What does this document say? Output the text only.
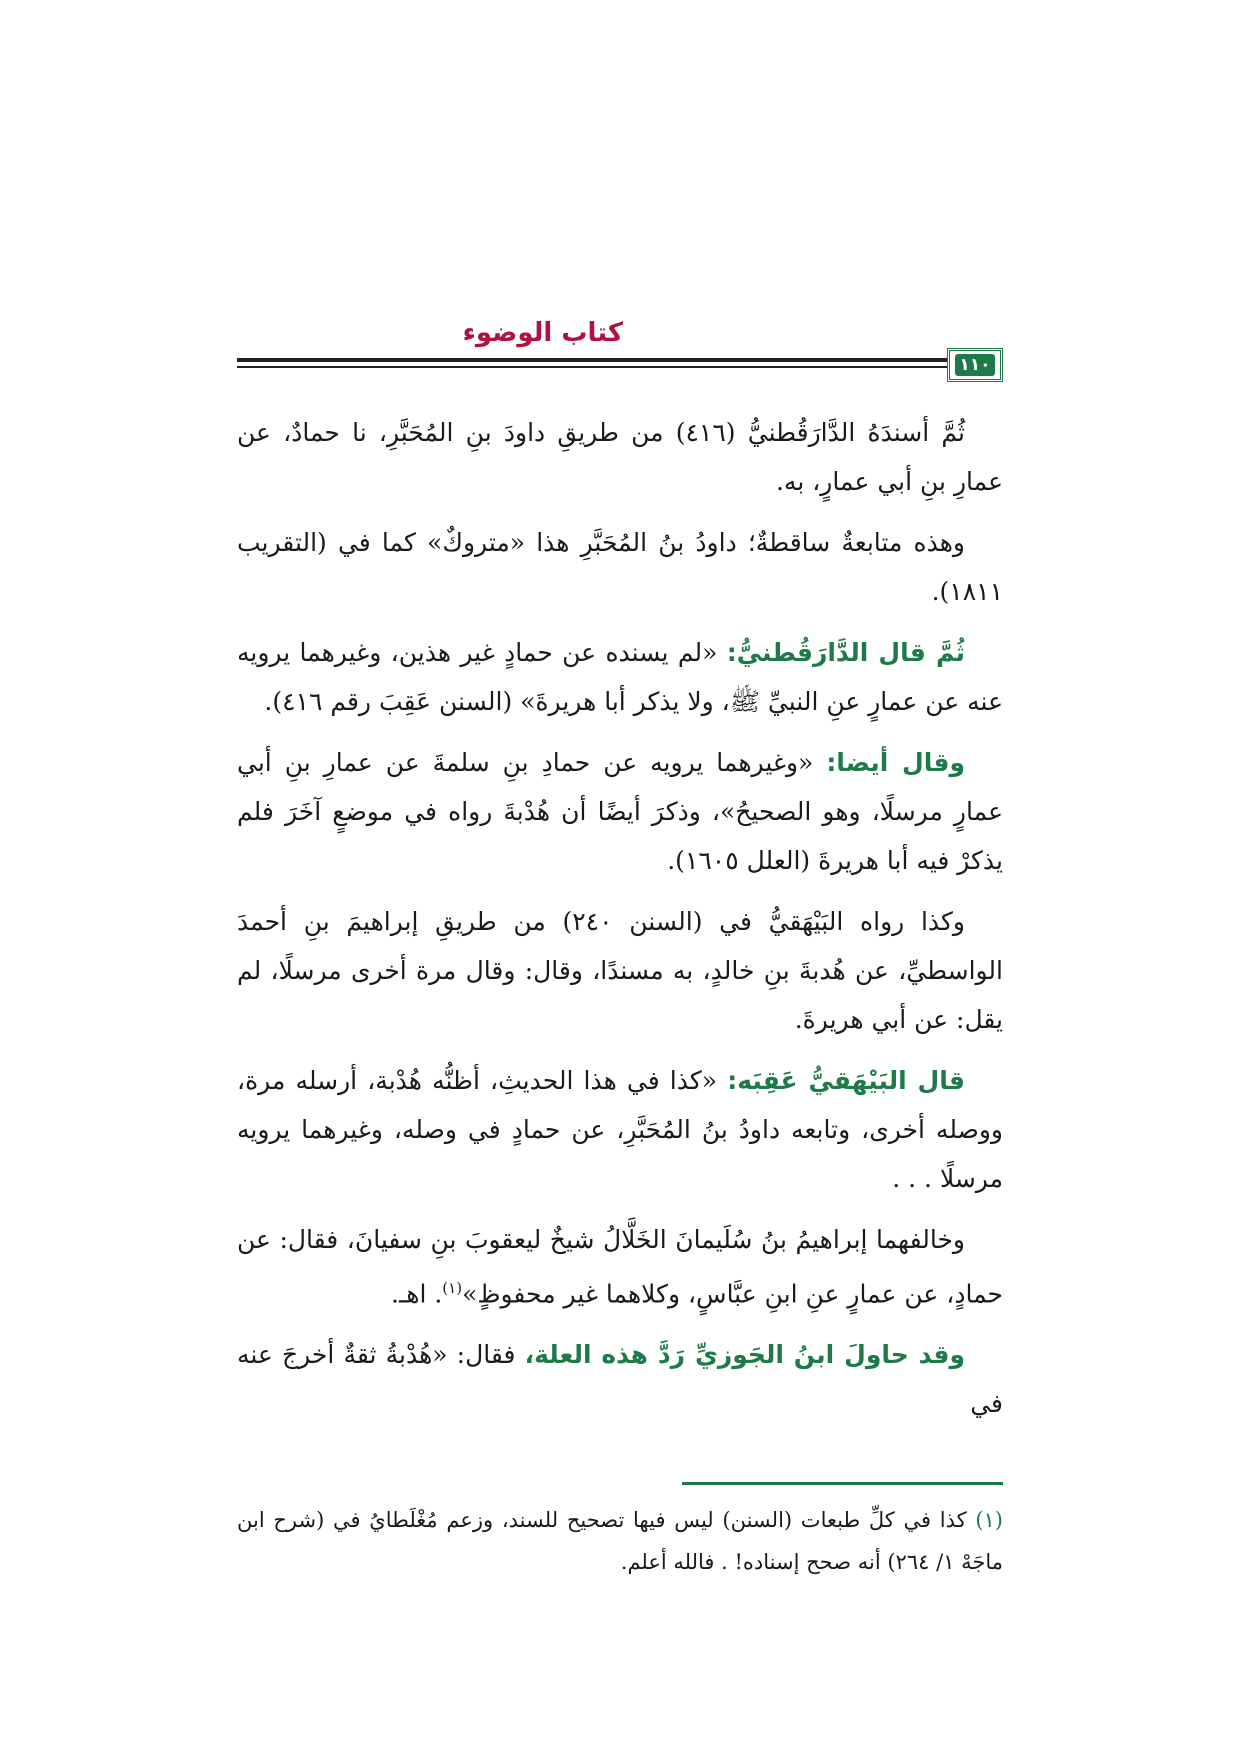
كتاب الوضوء
١١٠

ثُمَّ أسندَهُ الدَّارَقُطنيُّ (٤١٦) من طريقِ داودَ بنِ المُحَبَّرِ، نا حمادٌ، عن عمارِ بنِ أبي عمارٍ، به.

وهذه متابعةٌ ساقطةٌ؛ داودُ بنُ المُحَبَّرِ هذا «متروكٌ» كما في (التقريب ١٨١١).

ثُمَّ قال الدَّارَقُطنيُّ: «لم يسنده عن حمادٍ غير هذين، وغيرهما يرويه عنه عن عمارٍ عنِ النبيِّ ﷺ، ولا يذكر أبا هريرةَ» (السنن عَقِبَ رقم ٤١٦).

وقال أيضا: «وغيرهما يرويه عن حمادِ بنِ سلمةَ عن عمارِ بنِ أبي عمارٍ مرسلًا، وهو الصحيحُ»، وذكرَ أيضًا أن هُدْبةَ رواه في موضعٍ آخَرَ فلم يذكرْ فيه أبا هريرةَ (العلل ١٦٠٥).

وكذا رواه البَيْهَقيُّ في (السنن ٢٤٠) من طريقِ إبراهيمَ بنِ أحمدَ الواسطيِّ، عن هُدبةَ بنِ خالدٍ، به مسندًا، وقال: وقال مرة أخرى مرسلًا، لم يقل: عن أبي هريرةَ.

قال البَيْهَقيُّ عَقِبَه: «كذا في هذا الحديثِ، أظنُّه هُدْبة، أرسله مرة، ووصله أخرى، وتابعه داودُ بنُ المُحَبَّرِ، عن حمادٍ في وصله، وغيرهما يرويه مرسلًا . . .

وخالفهما إبراهيمُ بنُ سُلَيمانَ الخَلَّالُ شيخٌ ليعقوبَ بنِ سفيانَ، فقال: عن حمادٍ، عن عمارٍ عنِ ابنِ عبَّاسٍ، وكلاهما غير محفوظٍ»$^{(١)}$. اهـ.

وقد حاولَ ابنُ الجَوزيِّ رَدَّ هذه العلة، فقال: «هُدْبةُ ثقةٌ أخرجَ عنه في

(١) كذا في كلِّ طبعات (السنن) ليس فيها تصحيح للسند، وزعم مُغْلَطايُ في (شرح ابن ماجَهْ ١/ ٢٦٤) أنه صحح إسناده! . فالله أعلم.
